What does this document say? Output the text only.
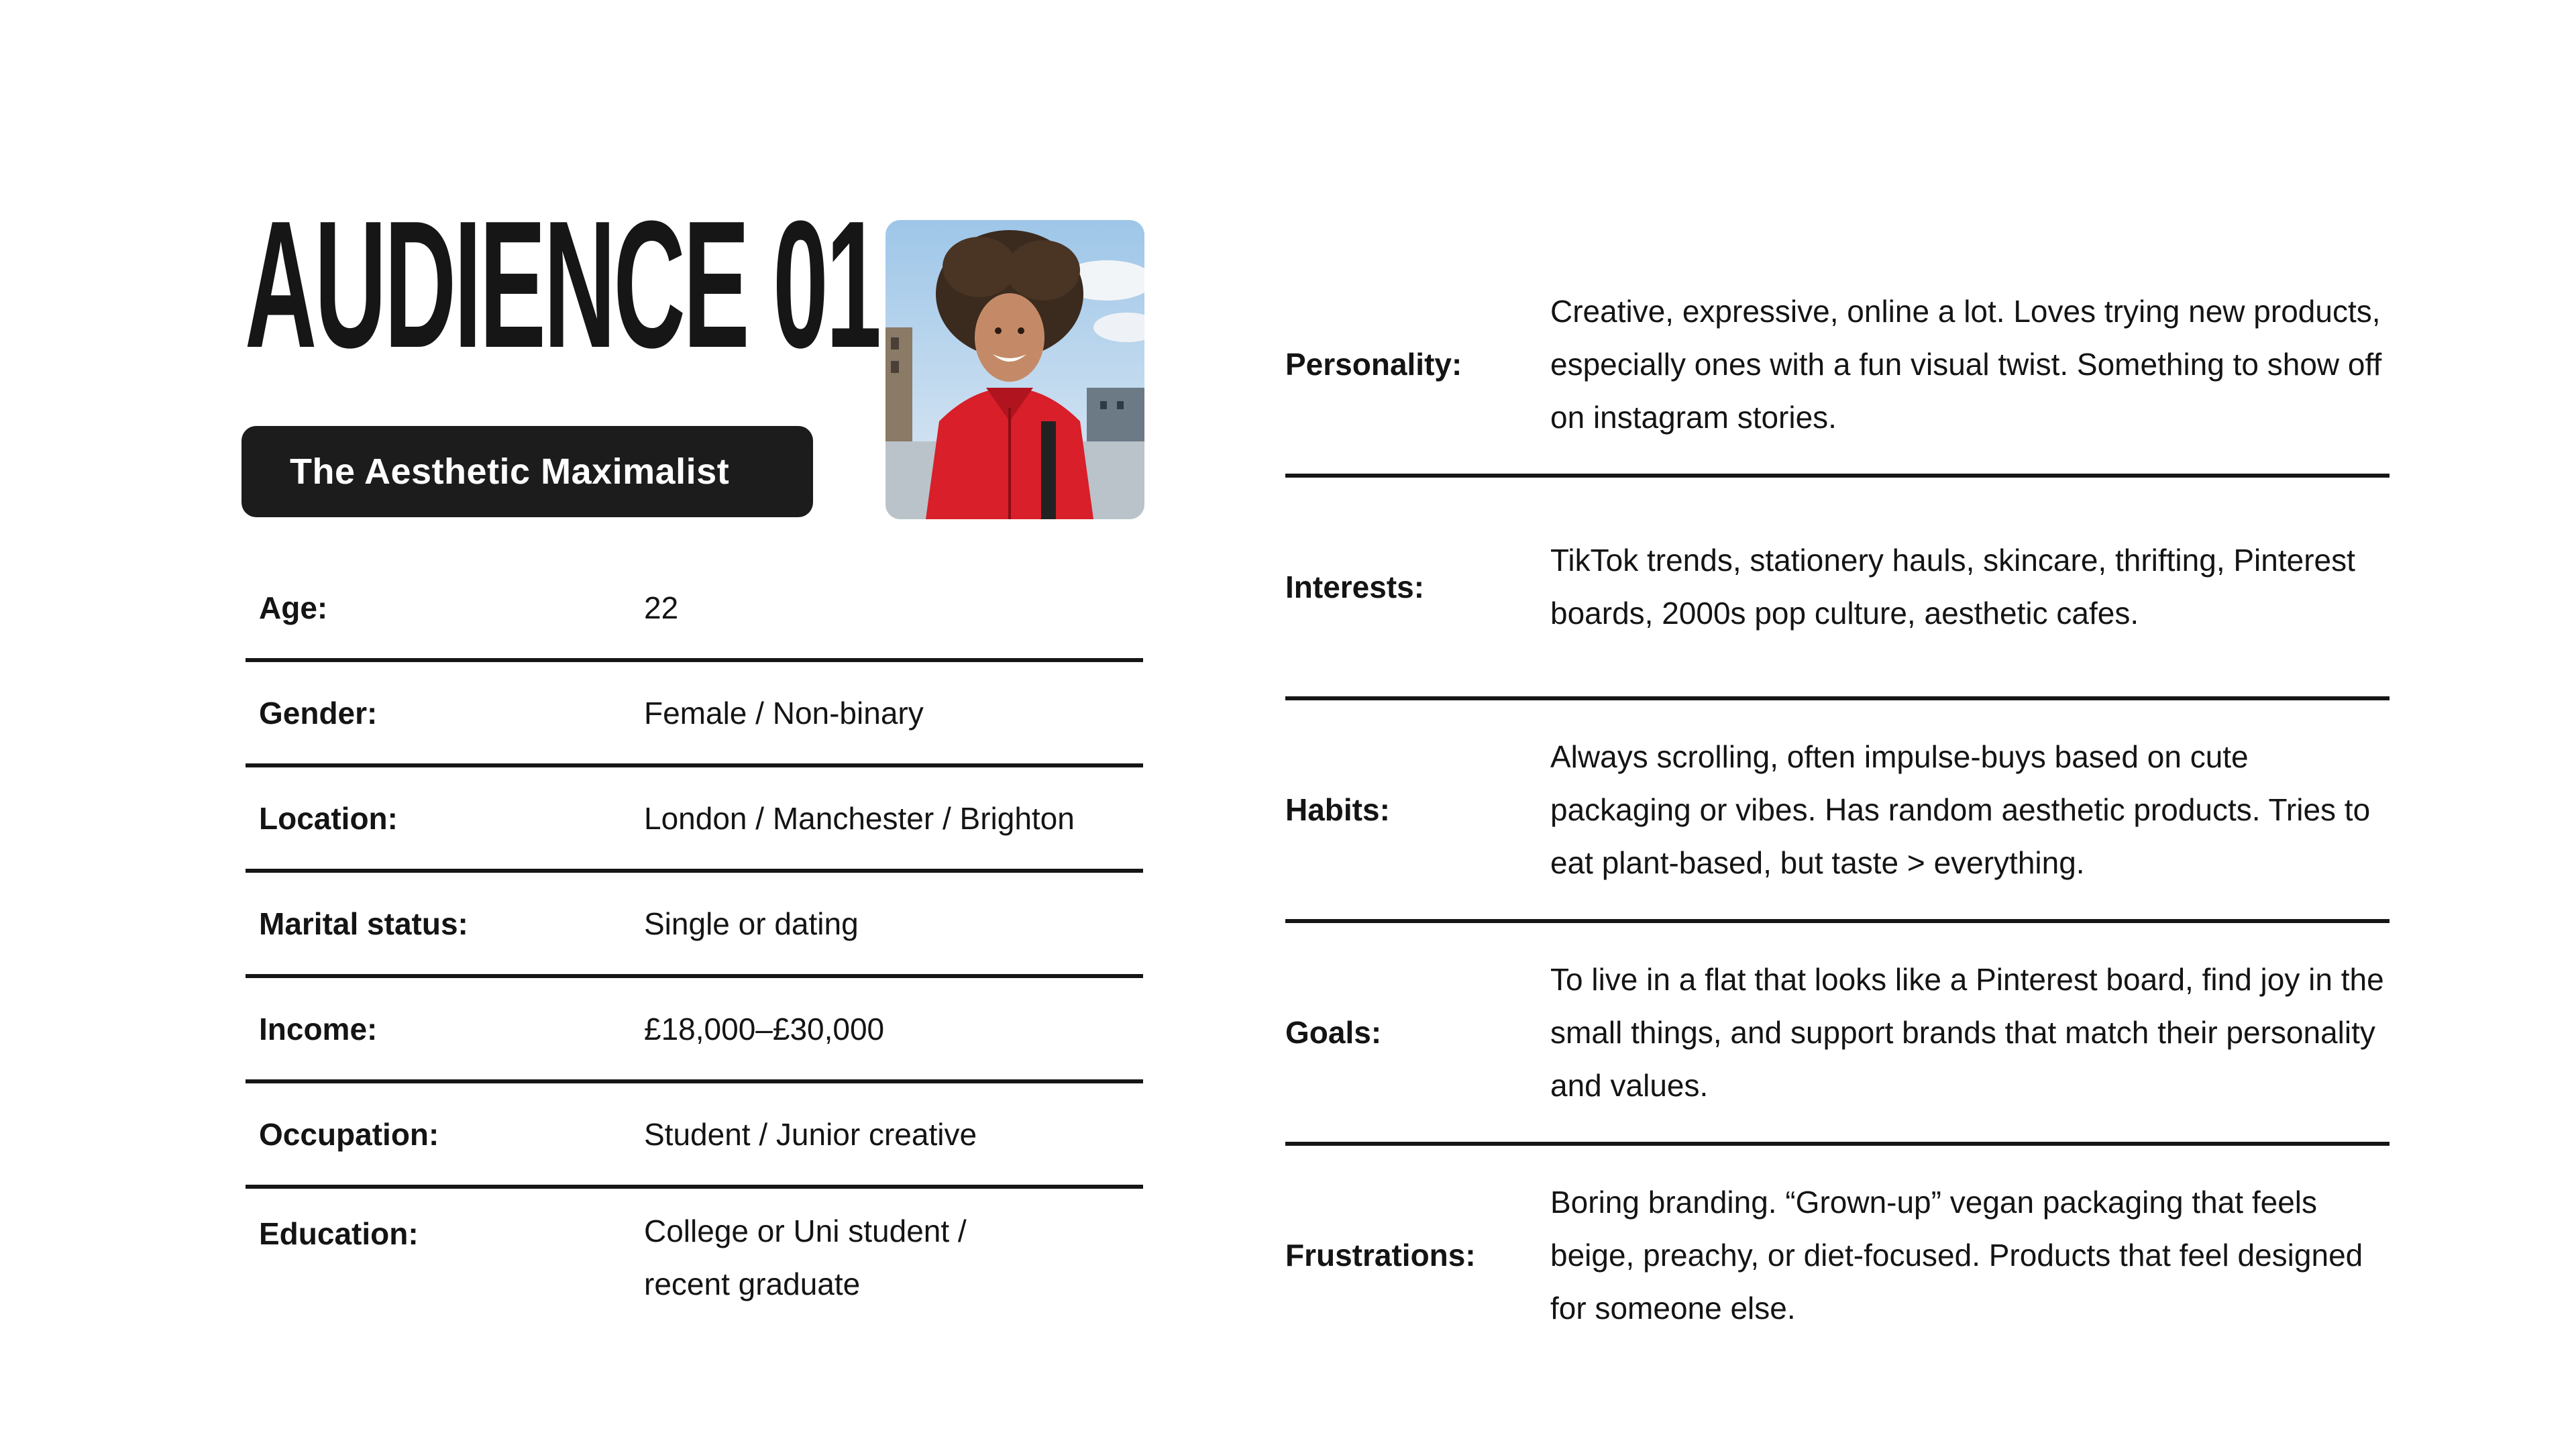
AUDIENCE 01
The Aesthetic Maximalist
Age:	22
Gender:	Female / Non-binary
Location:	London / Manchester / Brighton
Marital status:	Single or dating
Income:	£18,000–£30,000
Occupation:	Student / Junior creative
Education:	College or Uni student / recent graduate
Personality:
Creative, expressive, online a lot. Loves trying new products, especially ones with a fun visual twist. Something to show off on instagram stories.
Interests:
TikTok trends, stationery hauls, skincare, thrifting, Pinterest boards, 2000s pop culture, aesthetic cafes.
Habits:
Always scrolling, often impulse-buys based on cute packaging or vibes. Has random aesthetic products. Tries to eat plant-based, but taste > everything.
Goals:
To live in a flat that looks like a Pinterest board, find joy in the small things, and support brands that match their personality and values.
Frustrations:
Boring branding. “Grown-up” vegan packaging that feels beige, preachy, or diet-focused. Products that feel designed for someone else.
